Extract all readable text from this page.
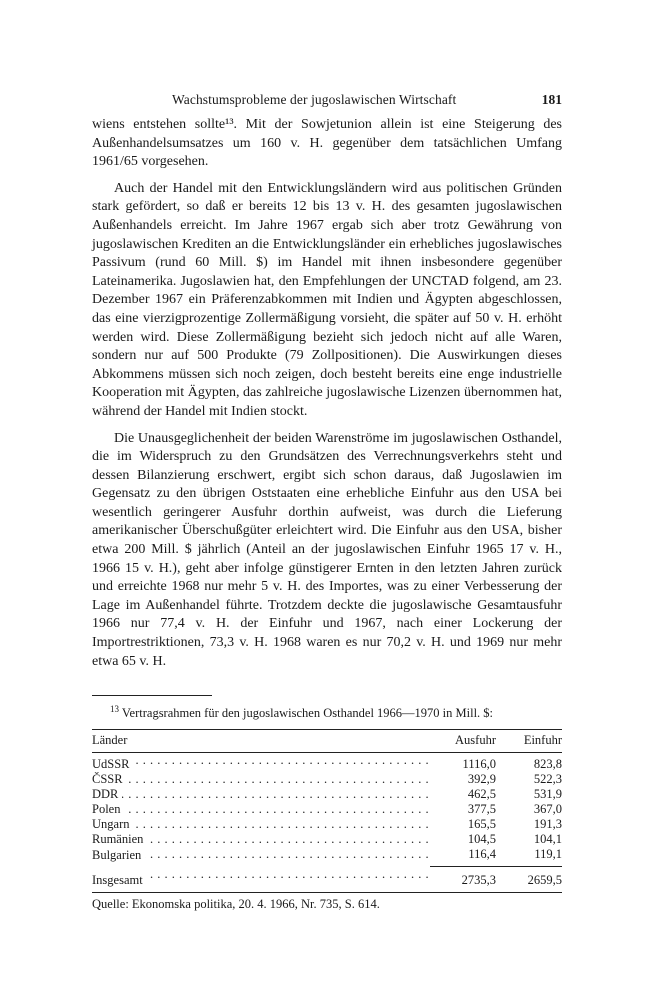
Wachstumsprobleme der jugoslawischen Wirtschaft	181

wiens entstehen sollte¹³. Mit der Sowjetunion allein ist eine Steigerung des Außenhandelsumsatzes um 160 v. H. gegenüber dem tatsächlichen Umfang 1961/65 vorgesehen.

Auch der Handel mit den Entwicklungsländern wird aus politischen Gründen stark gefördert, so daß er bereits 12 bis 13 v. H. des gesamten jugoslawischen Außenhandels erreicht. Im Jahre 1967 ergab sich aber trotz Gewährung von jugoslawischen Krediten an die Entwicklungsländer ein erhebliches jugoslawisches Passivum (rund 60 Mill. $) im Handel mit ihnen insbesondere gegenüber Lateinamerika. Jugoslawien hat, den Empfehlungen der UNCTAD folgend, am 23. Dezember 1967 ein Präferenzabkommen mit Indien und Ägypten abgeschlossen, das eine vierzigprozentige Zollermäßigung vorsieht, die später auf 50 v. H. erhöht werden wird. Diese Zollermäßigung bezieht sich jedoch nicht auf alle Waren, sondern nur auf 500 Produkte (79 Zollpositionen). Die Auswirkungen dieses Abkommens müssen sich noch zeigen, doch besteht bereits eine enge industrielle Kooperation mit Ägypten, das zahlreiche jugoslawische Lizenzen übernommen hat, während der Handel mit Indien stockt.

Die Unausgeglichenheit der beiden Warenströme im jugoslawischen Osthandel, die im Widerspruch zu den Grundsätzen des Verrechnungsverkehrs steht und dessen Bilanzierung erschwert, ergibt sich schon daraus, daß Jugoslawien im Gegensatz zu den übrigen Oststaaten eine erhebliche Einfuhr aus den USA bei wesentlich geringerer Ausfuhr dorthin aufweist, was durch die Lieferung amerikanischer Überschußgüter erleichtert wird. Die Einfuhr aus den USA, bisher etwa 200 Mill. $ jährlich (Anteil an der jugoslawischen Einfuhr 1965 17 v. H., 1966 15 v. H.), geht aber infolge günstigerer Ernten in den letzten Jahren zurück und erreichte 1968 nur mehr 5 v. H. des Importes, was zu einer Verbesserung der Lage im Außenhandel führte. Trotzdem deckte die jugoslawische Gesamtausfuhr 1966 nur 77,4 v. H. der Einfuhr und 1967, nach einer Lockerung der Importrestriktionen, 73,3 v. H. 1968 waren es nur 70,2 v. H. und 1969 nur mehr etwa 65 v. H.

$^{13}$ Vertragsrahmen für den jugoslawischen Osthandel 1966—1970 in Mill. $:
Länder	Ausfuhr	Einfuhr
UdSSR . . .	1116,0	823,8
ČSSR . . .	392,9	522,3
DDR . . .	462,5	531,9
Polen . . .	377,5	367,0
Ungarn . . .	165,5	191,3
Rumänien . . .	104,5	104,1
Bulgarien . . .	116,4	119,1
Insgesamt . . .	2735,3	2659,5
Quelle: Ekonomska politika, 20. 4. 1966, Nr. 735, S. 614.
